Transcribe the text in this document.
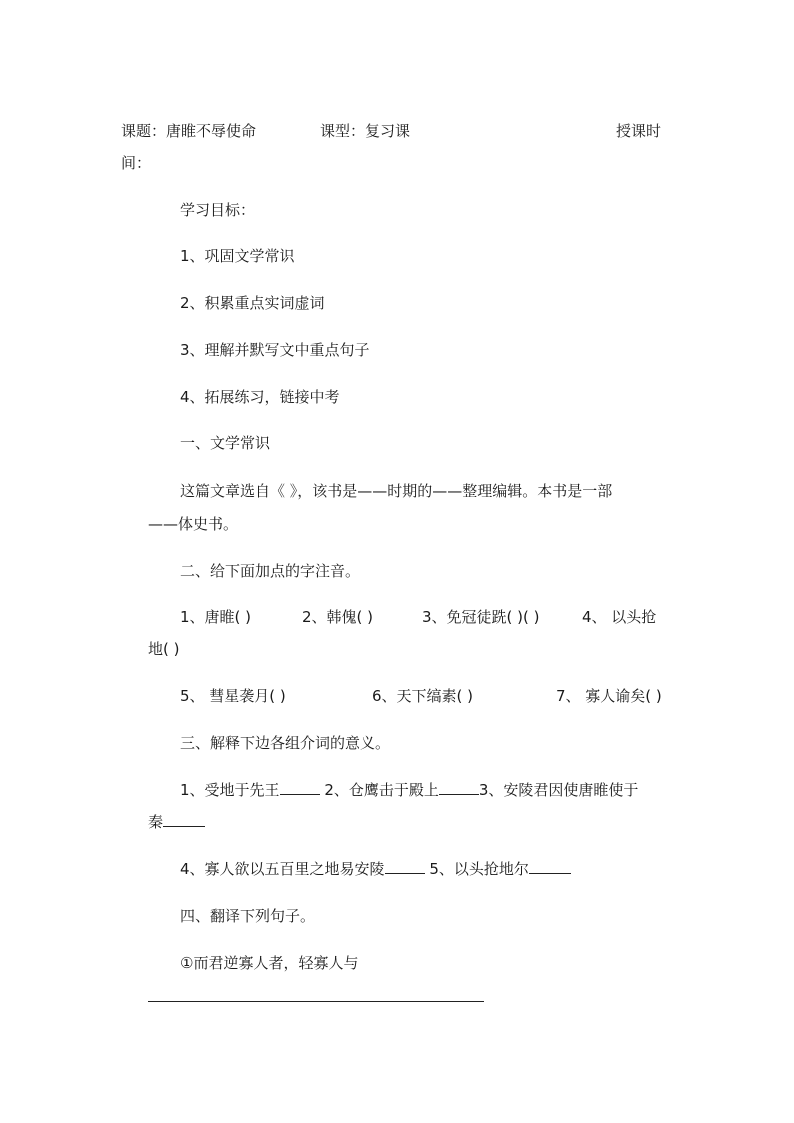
课题：唐睢不辱使命	课型：复习课	授课时
间：
学习目标：
1、巩固文学常识
2、积累重点实词虚词
3、理解并默写文中重点句子
4、拓展练习，链接中考
一、文学常识
这篇文章选自《 》，该书是——时期的——整理编辑。本书是一部
——体史书。
二、给下面加点的字注音。
1、唐睢( )	2、韩傀( )	3、免冠徒跣( )( )	4、 以头抢
地( )
5、 彗星袭月( )	6、天下缟素( )	7、 寡人谕矣( )
三、解释下边各组介词的意义。
1、受地于先王	2、仓鹰击于殿上	3、安陵君因使唐睢使于
秦
4、寡人欲以五百里之地易安陵	5、以头抢地尔
四、翻译下列句子。
①而君逆寡人者，轻寡人与
